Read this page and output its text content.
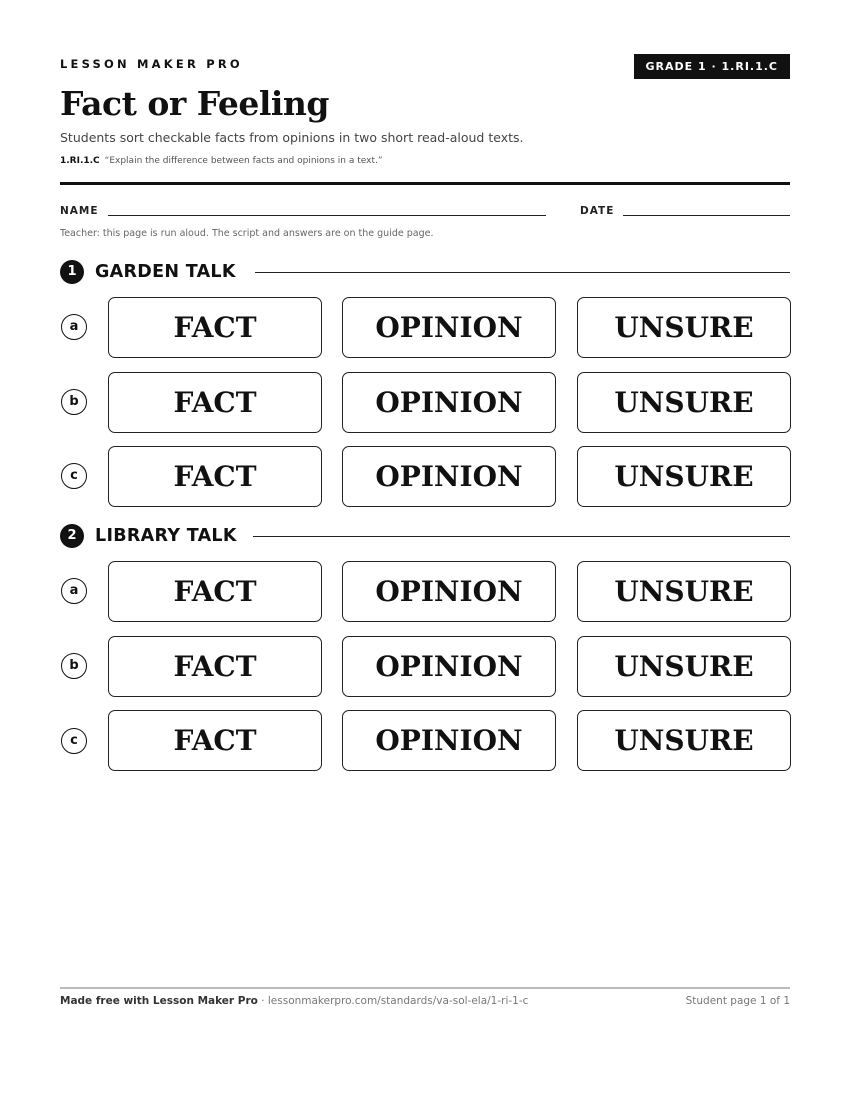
LESSON MAKER PRO	GRADE 1 · 1.RI.1.C
Fact or Feeling
Students sort checkable facts from opinions in two short read-aloud texts.
1.RI.1.C “Explain the difference between facts and opinions in a text.”
NAME	DATE
Teacher: this page is run aloud. The script and answers are on the guide page.
1	GARDEN TALK
a	FACT	OPINION	UNSURE
b	FACT	OPINION	UNSURE
c	FACT	OPINION	UNSURE
2	LIBRARY TALK
a	FACT	OPINION	UNSURE
b	FACT	OPINION	UNSURE
c	FACT	OPINION	UNSURE
Made free with Lesson Maker Pro · lessonmakerpro.com/standards/va-sol-ela/1-ri-1-c	Student page 1 of 1
